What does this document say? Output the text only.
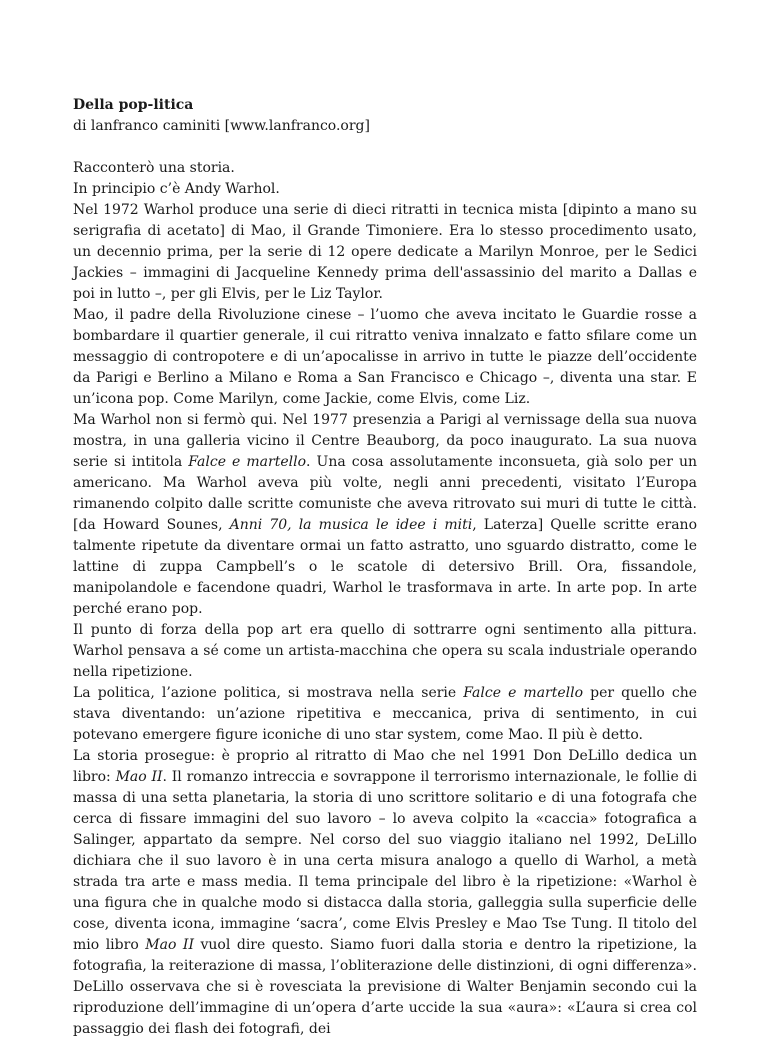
Della pop-litica

di lanfranco caminiti [www.lanfranco.org]

Racconterò una storia.

In principio c’è Andy Warhol.

Nel 1972 Warhol produce una serie di dieci ritratti in tecnica mista [dipinto a mano su serigrafia di acetato] di Mao, il Grande Timoniere. Era lo stesso procedimento usato, un decennio prima, per la serie di 12 opere dedicate a Marilyn Monroe, per le Sedici Jackies – immagini di Jacqueline Kennedy prima dell'assassinio del marito a Dallas e poi in lutto –, per gli Elvis, per le Liz Taylor.

Mao, il padre della Rivoluzione cinese – l’uomo che aveva incitato le Guardie rosse a bombardare il quartier generale, il cui ritratto veniva innalzato e fatto sfilare come un messaggio di contropotere e di un’apocalisse in arrivo in tutte le piazze dell’occidente da Parigi e Berlino a Milano e Roma a San Francisco e Chicago –, diventa una star. E un’icona pop. Come Marilyn, come Jackie, come Elvis, come Liz.

Ma Warhol non si fermò qui. Nel 1977 presenzia a Parigi al vernissage della sua nuova mostra, in una galleria vicino il Centre Beauborg, da poco inaugurato. La sua nuova serie si intitola Falce e martello. Una cosa assolutamente inconsueta, già solo per un americano. Ma Warhol aveva più volte, negli anni precedenti, visitato l’Europa rimanendo colpito dalle scritte comuniste che aveva ritrovato sui muri di tutte le città. [da Howard Sounes, Anni 70, la musica le idee i miti, Laterza] Quelle scritte erano talmente ripetute da diventare ormai un fatto astratto, uno sguardo distratto, come le lattine di zuppa Campbell’s o le scatole di detersivo Brill. Ora, fissandole, manipolandole e facendone quadri, Warhol le trasformava in arte. In arte pop. In arte perché erano pop.

Il punto di forza della pop art era quello di sottrarre ogni sentimento alla pittura. Warhol pensava a sé come un artista-macchina che opera su scala industriale operando nella ripetizione.

La politica, l’azione politica, si mostrava nella serie Falce e martello per quello che stava diventando: un’azione ripetitiva e meccanica, priva di sentimento, in cui potevano emergere figure iconiche di uno star system, come Mao. Il più è detto.

La storia prosegue: è proprio al ritratto di Mao che nel 1991 Don DeLillo dedica un libro: Mao II. Il romanzo intreccia e sovrappone il terrorismo internazionale, le follie di massa di una setta planetaria, la storia di uno scrittore solitario e di una fotografa che cerca di fissare immagini del suo lavoro – lo aveva colpito la «caccia» fotografica a Salinger, appartato da sempre. Nel corso del suo viaggio italiano nel 1992, DeLillo dichiara che il suo lavoro è in una certa misura analogo a quello di Warhol, a metà strada tra arte e mass media. Il tema principale del libro è la ripetizione: «Warhol è una figura che in qualche modo si distacca dalla storia, galleggia sulla superficie delle cose, diventa icona, immagine ‘sacra’, come Elvis Presley e Mao Tse Tung. Il titolo del mio libro Mao II vuol dire questo. Siamo fuori dalla storia e dentro la ripetizione, la fotografia, la reiterazione di massa, l’obliterazione delle distinzioni, di ogni differenza». DeLillo osservava che si è rovesciata la previsione di Walter Benjamin secondo cui la riproduzione dell’immagine di un’opera d’arte uccide la sua «aura»: «L’aura si crea col passaggio dei flash dei fotografi, dei
